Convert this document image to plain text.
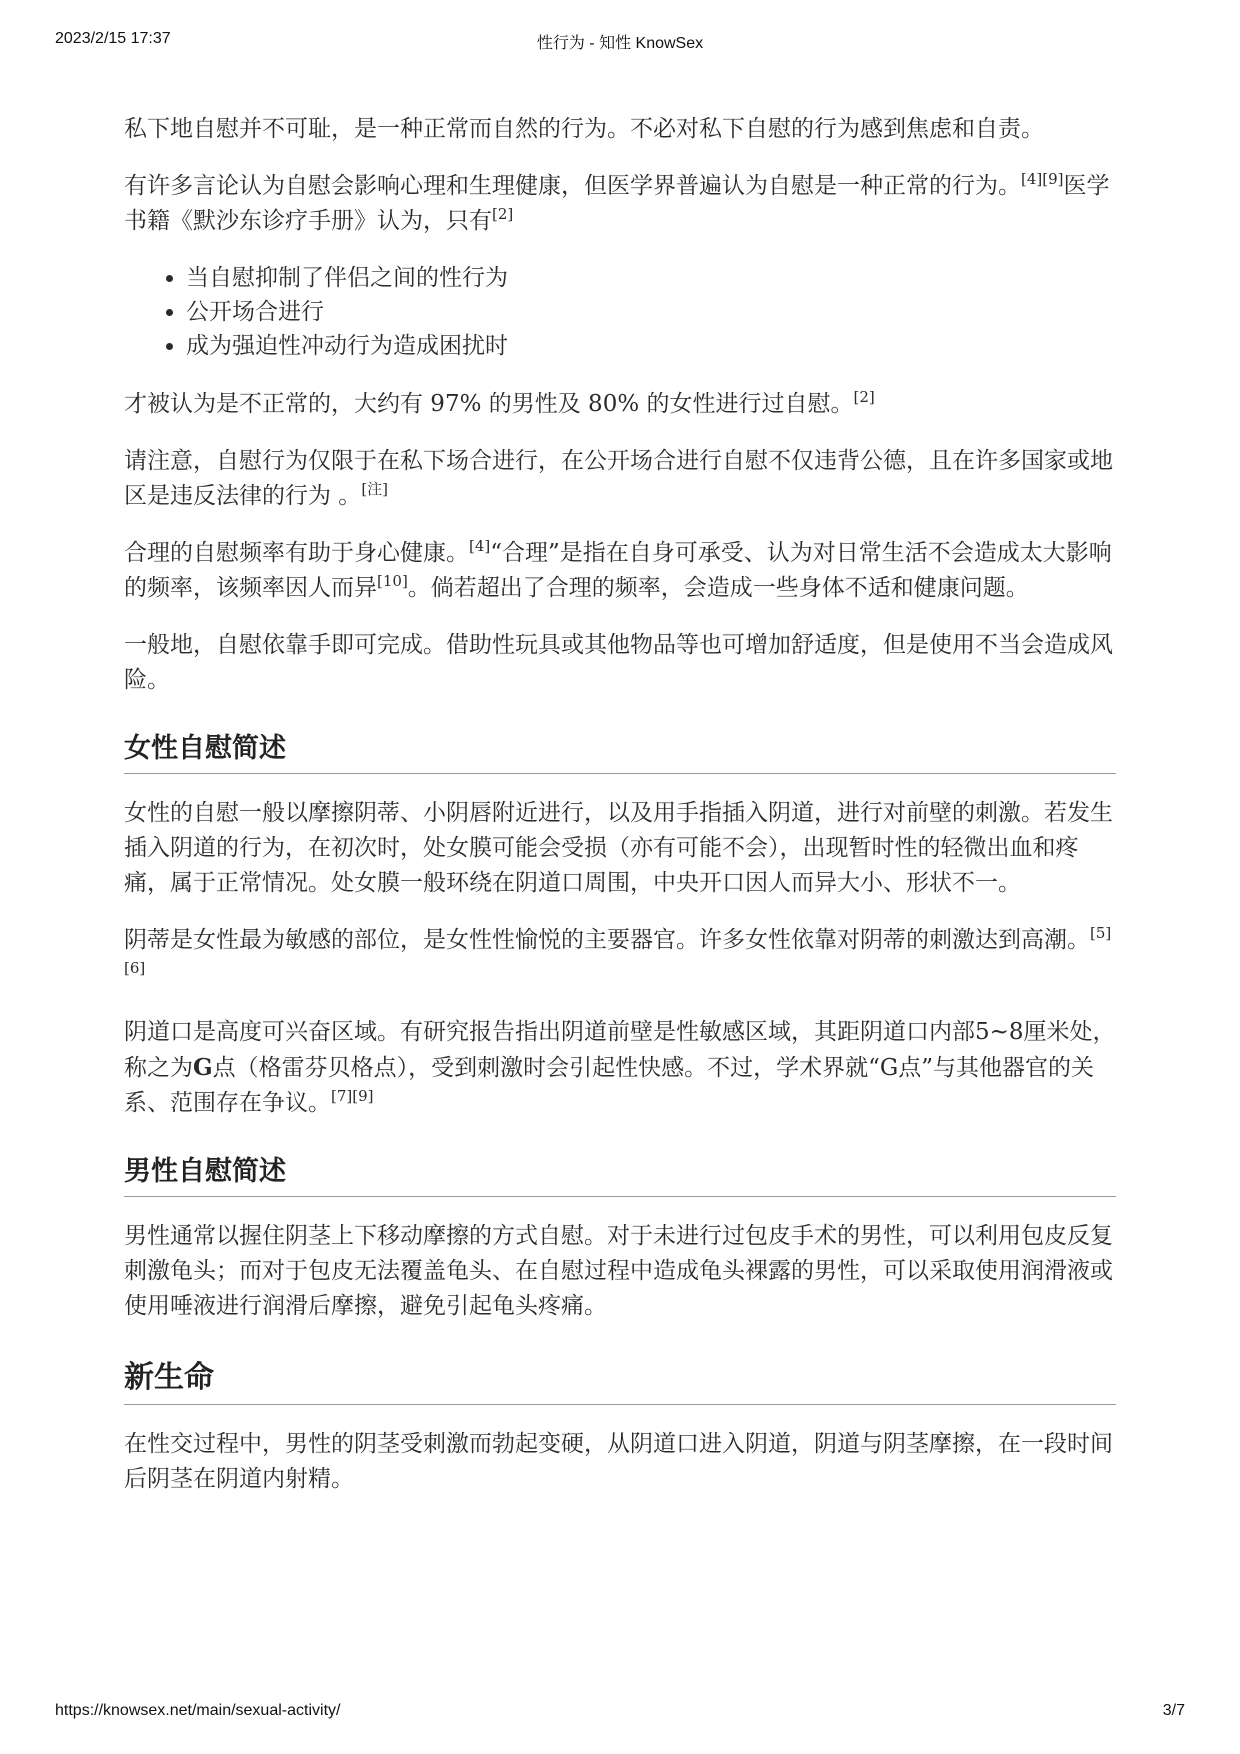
2023/2/15 17:37	性行为 - 知性 KnowSex

私下地自慰并不可耻，是一种正常而自然的行为。不必对私下自慰的行为感到焦虑和自责。

有许多言论认为自慰会影响心理和生理健康，但医学界普遍认为自慰是一种正常的行为。[4][9]医学书籍《默沙东诊疗手册》认为，只有[2]

• 当自慰抑制了伴侣之间的性行为
• 公开场合进行
• 成为强迫性冲动行为造成困扰时

才被认为是不正常的，大约有 97% 的男性及 80% 的女性进行过自慰。[2]

请注意，自慰行为仅限于在私下场合进行，在公开场合进行自慰不仅违背公德，且在许多国家或地区是违反法律的行为 。[注]

合理的自慰频率有助于身心健康。[4]“合理”是指在自身可承受、认为对日常生活不会造成太大影响的频率，该频率因人而异[10]。倘若超出了合理的频率，会造成一些身体不适和健康问题。

一般地，自慰依靠手即可完成。借助性玩具或其他物品等也可增加舒适度，但是使用不当会造成风险。

女性自慰简述

女性的自慰一般以摩擦阴蒂、小阴唇附近进行，以及用手指插入阴道，进行对前壁的刺激。若发生插入阴道的行为，在初次时，处女膜可能会受损（亦有可能不会），出现暂时性的轻微出血和疼痛，属于正常情况。处女膜一般环绕在阴道口周围，中央开口因人而异大小、形状不一。

阴蒂是女性最为敏感的部位，是女性性愉悦的主要器官。许多女性依靠对阴蒂的刺激达到高潮。[5][6]

阴道口是高度可兴奋区域。有研究报告指出阴道前壁是性敏感区域，其距阴道口内部5~8厘米处，称之为G点（格雷芬贝格点），受到刺激时会引起性快感。不过，学术界就“G点”与其他器官的关系、范围存在争议。[7][9]

男性自慰简述

男性通常以握住阴茎上下移动摩擦的方式自慰。对于未进行过包皮手术的男性，可以利用包皮反复刺激龟头；而对于包皮无法覆盖龟头、在自慰过程中造成龟头裸露的男性，可以采取使用润滑液或使用唾液进行润滑后摩擦，避免引起龟头疼痛。

新生命

在性交过程中，男性的阴茎受刺激而勃起变硬，从阴道口进入阴道，阴道与阴茎摩擦，在一段时间后阴茎在阴道内射精。

https://knowsex.net/main/sexual-activity/	3/7
